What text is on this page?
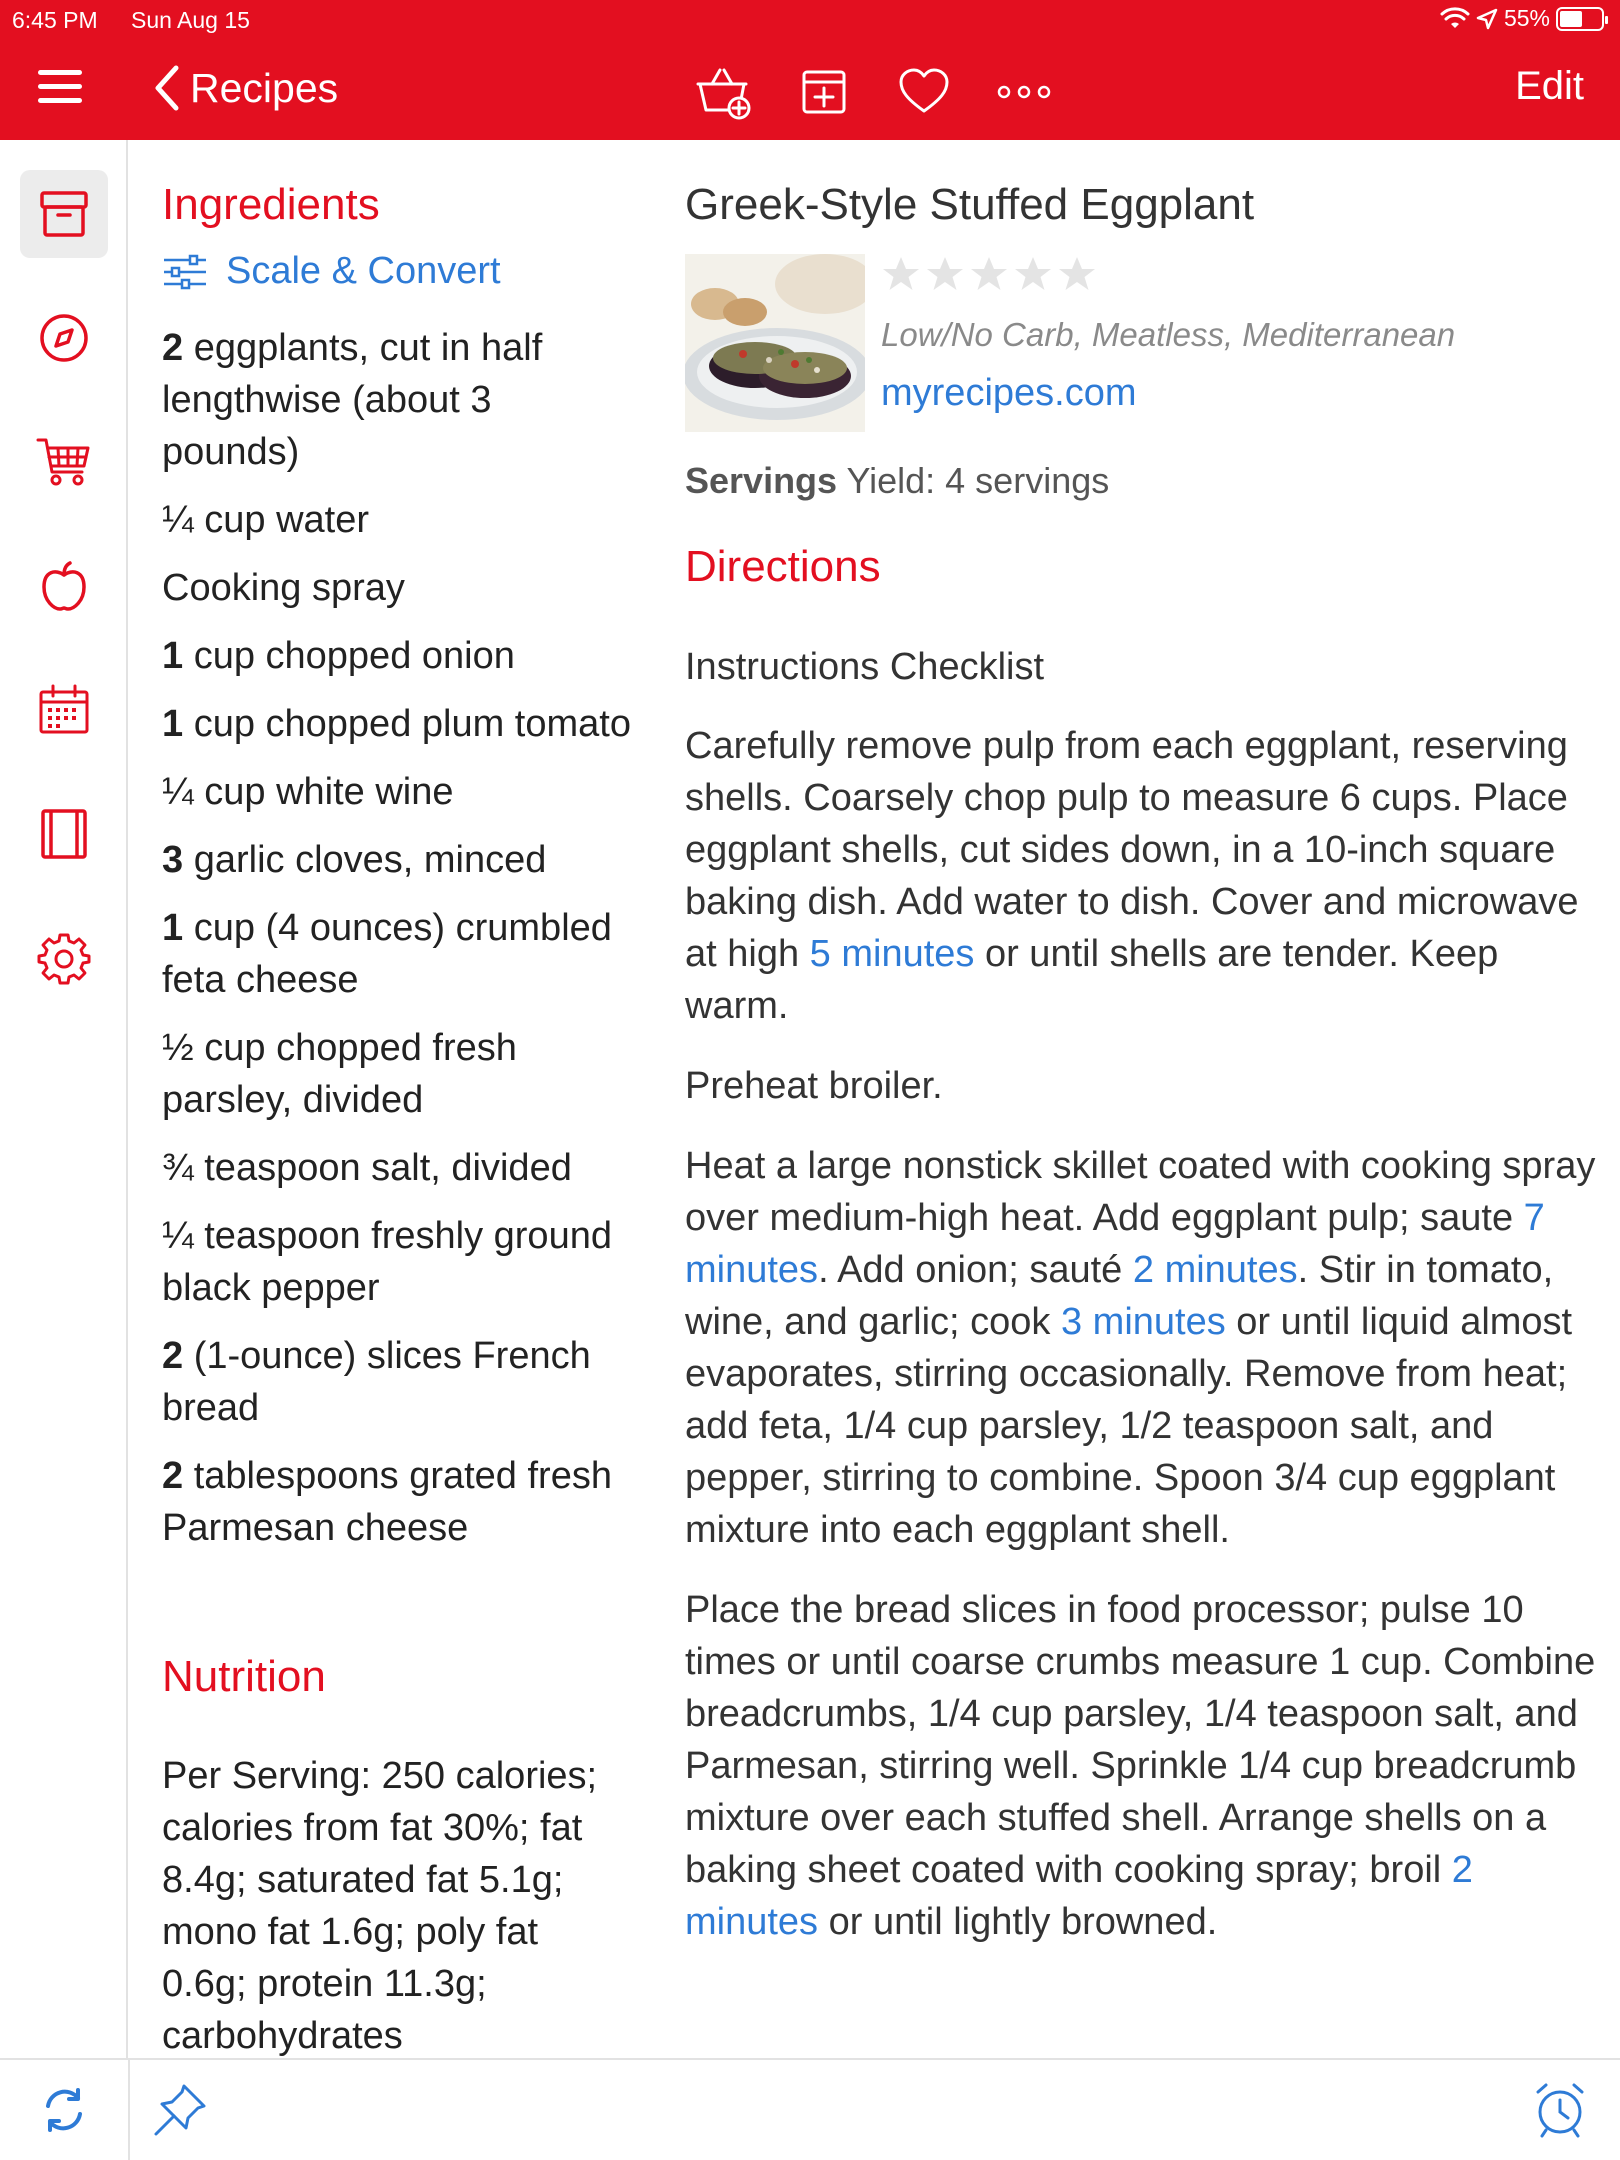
6:45 PM Sun Aug 15	55%
Recipes	Edit
Ingredients
Scale & Convert
2 eggplants, cut in half lengthwise (about 3 pounds)
¼ cup water
Cooking spray
1 cup chopped onion
1 cup chopped plum tomato
¼ cup white wine
3 garlic cloves, minced
1 cup (4 ounces) crumbled feta cheese
½ cup chopped fresh parsley, divided
¾ teaspoon salt, divided
¼ teaspoon freshly ground black pepper
2 (1-ounce) slices French bread
2 tablespoons grated fresh Parmesan cheese
Nutrition
Per Serving: 250 calories; calories from fat 30%; fat 8.4g; saturated fat 5.1g; mono fat 1.6g; poly fat 0.6g; protein 11.3g; carbohydrates
Greek-Style Stuffed Eggplant
Low/No Carb, Meatless, Mediterranean
myrecipes.com
Servings Yield: 4 servings
Directions
Instructions Checklist

Carefully remove pulp from each eggplant, reserving shells. Coarsely chop pulp to measure 6 cups. Place eggplant shells, cut sides down, in a 10-inch square baking dish. Add water to dish. Cover and microwave at high 5 minutes or until shells are tender. Keep warm.

Preheat broiler.

Heat a large nonstick skillet coated with cooking spray over medium-high heat. Add eggplant pulp; saute 7 minutes. Add onion; sauté 2 minutes. Stir in tomato, wine, and garlic; cook 3 minutes or until liquid almost evaporates, stirring occasionally. Remove from heat; add feta, 1/4 cup parsley, 1/2 teaspoon salt, and pepper, stirring to combine. Spoon 3/4 cup eggplant mixture into each eggplant shell.

Place the bread slices in food processor; pulse 10 times or until coarse crumbs measure 1 cup. Combine breadcrumbs, 1/4 cup parsley, 1/4 teaspoon salt, and Parmesan, stirring well. Sprinkle 1/4 cup breadcrumb mixture over each stuffed shell. Arrange shells on a baking sheet coated with cooking spray; broil 2 minutes or until lightly browned.
